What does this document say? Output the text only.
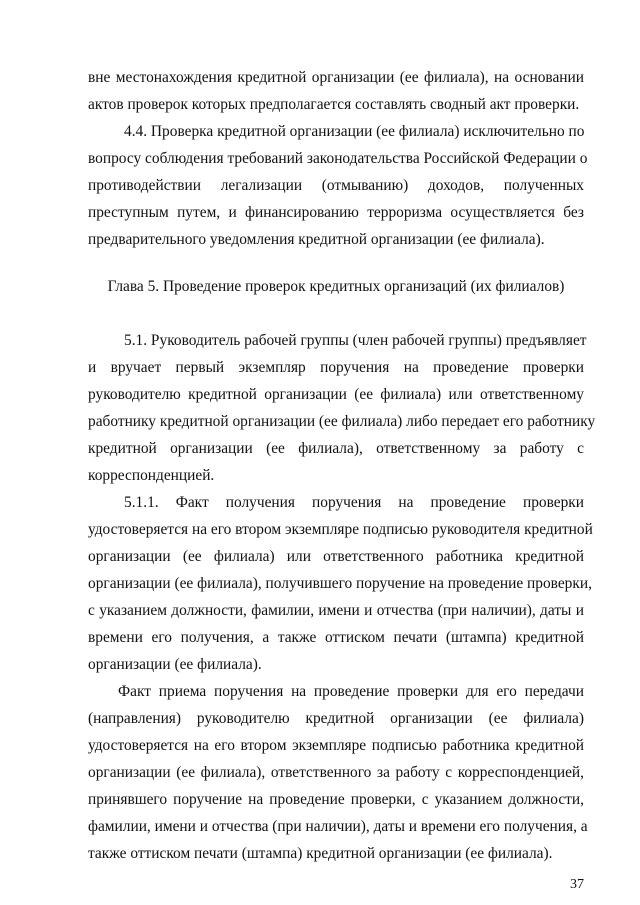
вне местонахождения кредитной организации (ее филиала), на основании

актов проверок которых предполагается составлять сводный акт проверки.

4.4. Проверка кредитной организации (ее филиала) исключительно по

вопросу соблюдения требований законодательства Российской Федерации о

противодействии легализации (отмыванию) доходов, полученных

преступным путем, и финансированию терроризма осуществляется без

предварительного уведомления кредитной организации (ее филиала).

Глава 5. Проведение проверок кредитных организаций (их филиалов)

5.1. Руководитель рабочей группы (член рабочей группы) предъявляет

и вручает первый экземпляр поручения на проведение проверки

руководителю кредитной организации (ее филиала) или ответственному

работнику кредитной организации (ее филиала) либо передает его работнику

кредитной организации (ее филиала), ответственному за работу с

корреспонденцией.

5.1.1. Факт получения поручения на проведение проверки

удостоверяется на его втором экземпляре подписью руководителя кредитной

организации (ее филиала) или ответственного работника кредитной

организации (ее филиала), получившего поручение на проведение проверки,

с указанием должности, фамилии, имени и отчества (при наличии), даты и

времени его получения, а также оттиском печати (штампа) кредитной

организации (ее филиала).

Факт приема поручения на проведение проверки для его передачи

(направления) руководителю кредитной организации (ее филиала)

удостоверяется на его втором экземпляре подписью работника кредитной

организации (ее филиала), ответственного за работу с корреспонденцией,

принявшего поручение на проведение проверки, с указанием должности,

фамилии, имени и отчества (при наличии), даты и времени его получения, а

также оттиском печати (штампа) кредитной организации (ее филиала).

37
